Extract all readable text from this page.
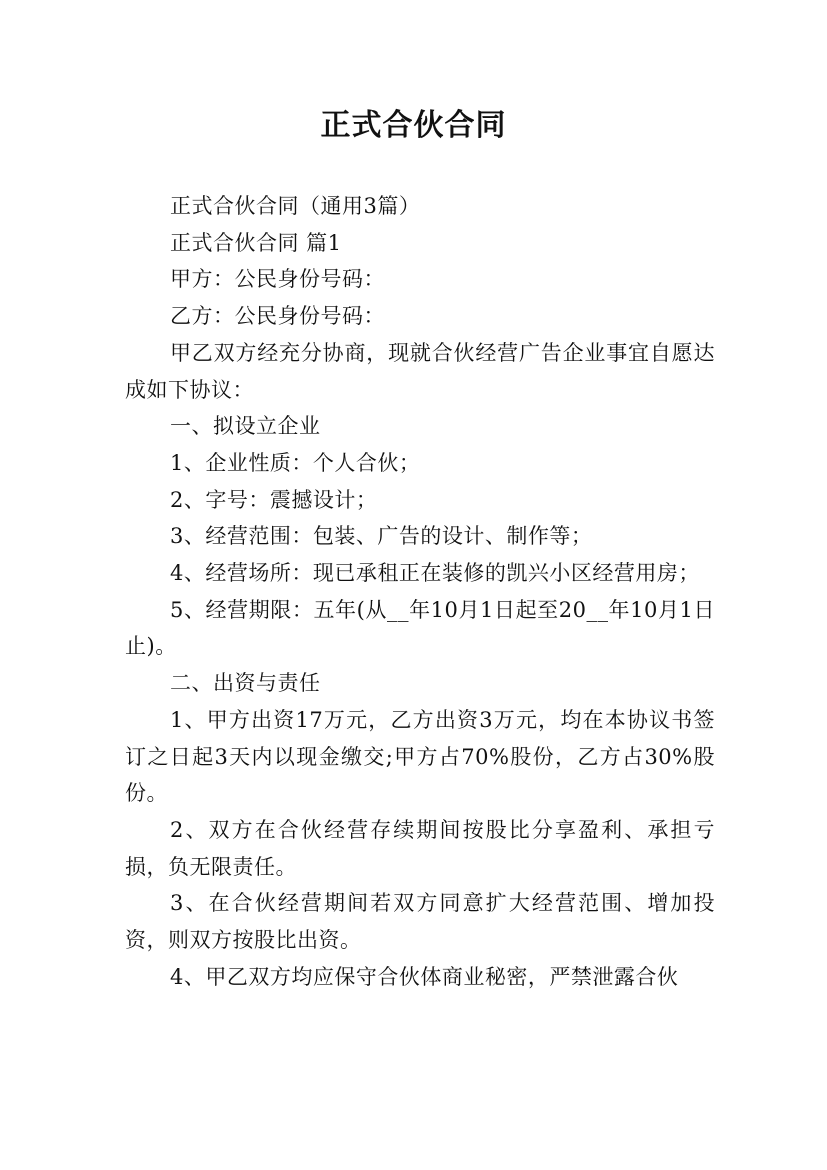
正式合伙合同

正式合伙合同（通用3篇）

正式合伙合同 篇1

甲方：公民身份号码：

乙方：公民身份号码：

甲乙双方经充分协商，现就合伙经营广告企业事宜自愿达成如下协议：

一、拟设立企业

1、企业性质：个人合伙；

2、字号：震撼设计；

3、经营范围：包装、广告的设计、制作等；

4、经营场所：现已承租正在装修的凯兴小区经营用房；

5、经营期限：五年(从__年10月1日起至20__年10月1日止)。

二、出资与责任

1、甲方出资17万元，乙方出资3万元，均在本协议书签订之日起3天内以现金缴交;甲方占70%股份，乙方占30%股份。

2、双方在合伙经营存续期间按股比分享盈利、承担亏损，负无限责任。

3、在合伙经营期间若双方同意扩大经营范围、增加投资，则双方按股比出资。

4、甲乙双方均应保守合伙体商业秘密，严禁泄露合伙
